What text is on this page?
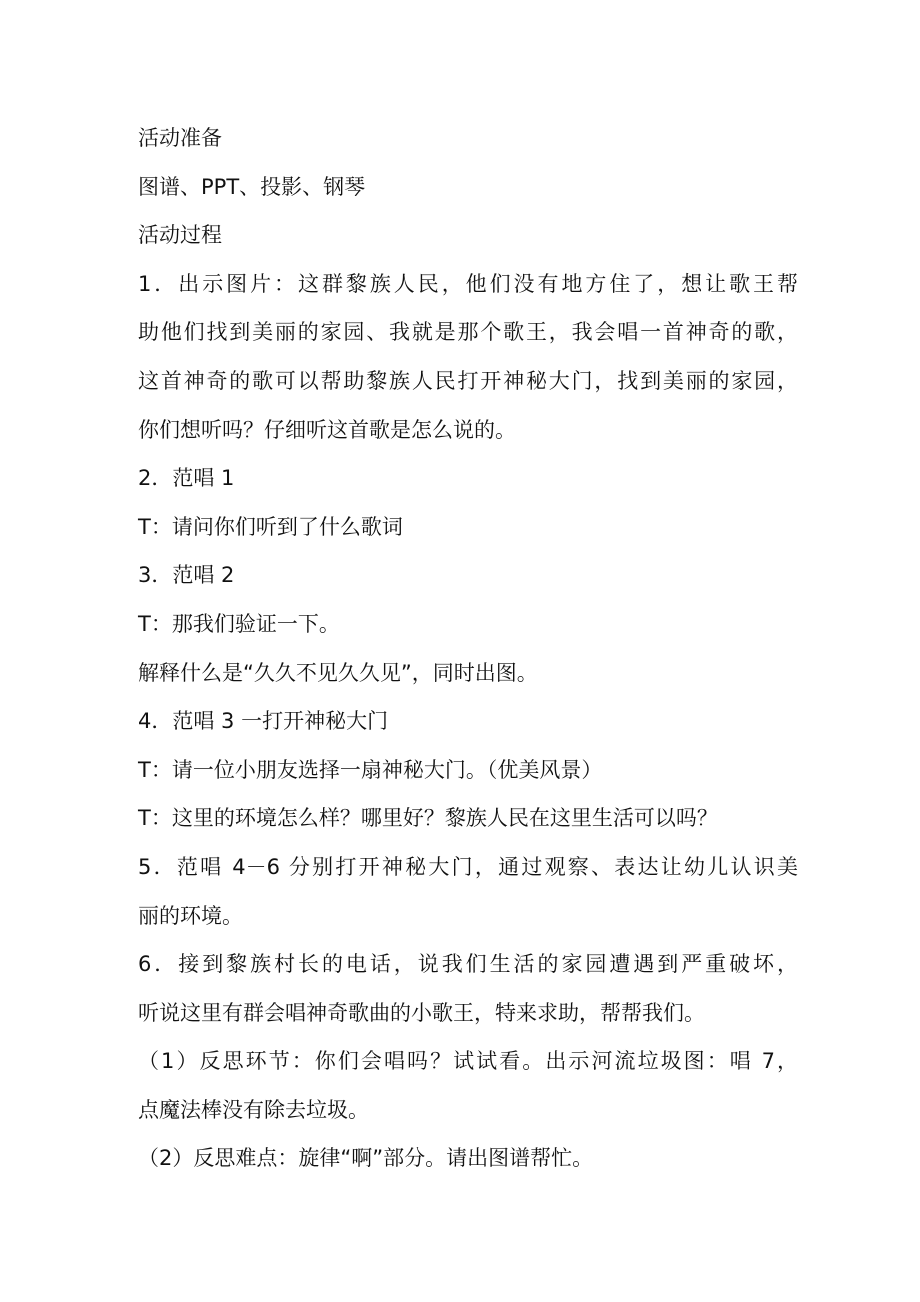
活动准备
图谱、PPT、投影、钢琴
活动过程
1．出示图片：这群黎族人民，他们没有地方住了，想让歌王帮
助他们找到美丽的家园、我就是那个歌王，我会唱一首神奇的歌，
这首神奇的歌可以帮助黎族人民打开神秘大门，找到美丽的家园，
你们想听吗？仔细听这首歌是怎么说的。
2．范唱 1
T：请问你们听到了什么歌词
3．范唱 2
T：那我们验证一下。
解释什么是“久久不见久久见”，同时出图。
4．范唱 3 一打开神秘大门
T：请一位小朋友选择一扇神秘大门。（优美风景）
T：这里的环境怎么样？哪里好？黎族人民在这里生活可以吗？
5．范唱 4－6 分别打开神秘大门，通过观察、表达让幼儿认识美
丽的环境。
6．接到黎族村长的电话，说我们生活的家园遭遇到严重破坏，
听说这里有群会唱神奇歌曲的小歌王，特来求助，帮帮我们。
（1）反思环节：你们会唱吗？试试看。出示河流垃圾图：唱 7，
点魔法棒没有除去垃圾。
（2）反思难点：旋律“啊”部分。请出图谱帮忙。
